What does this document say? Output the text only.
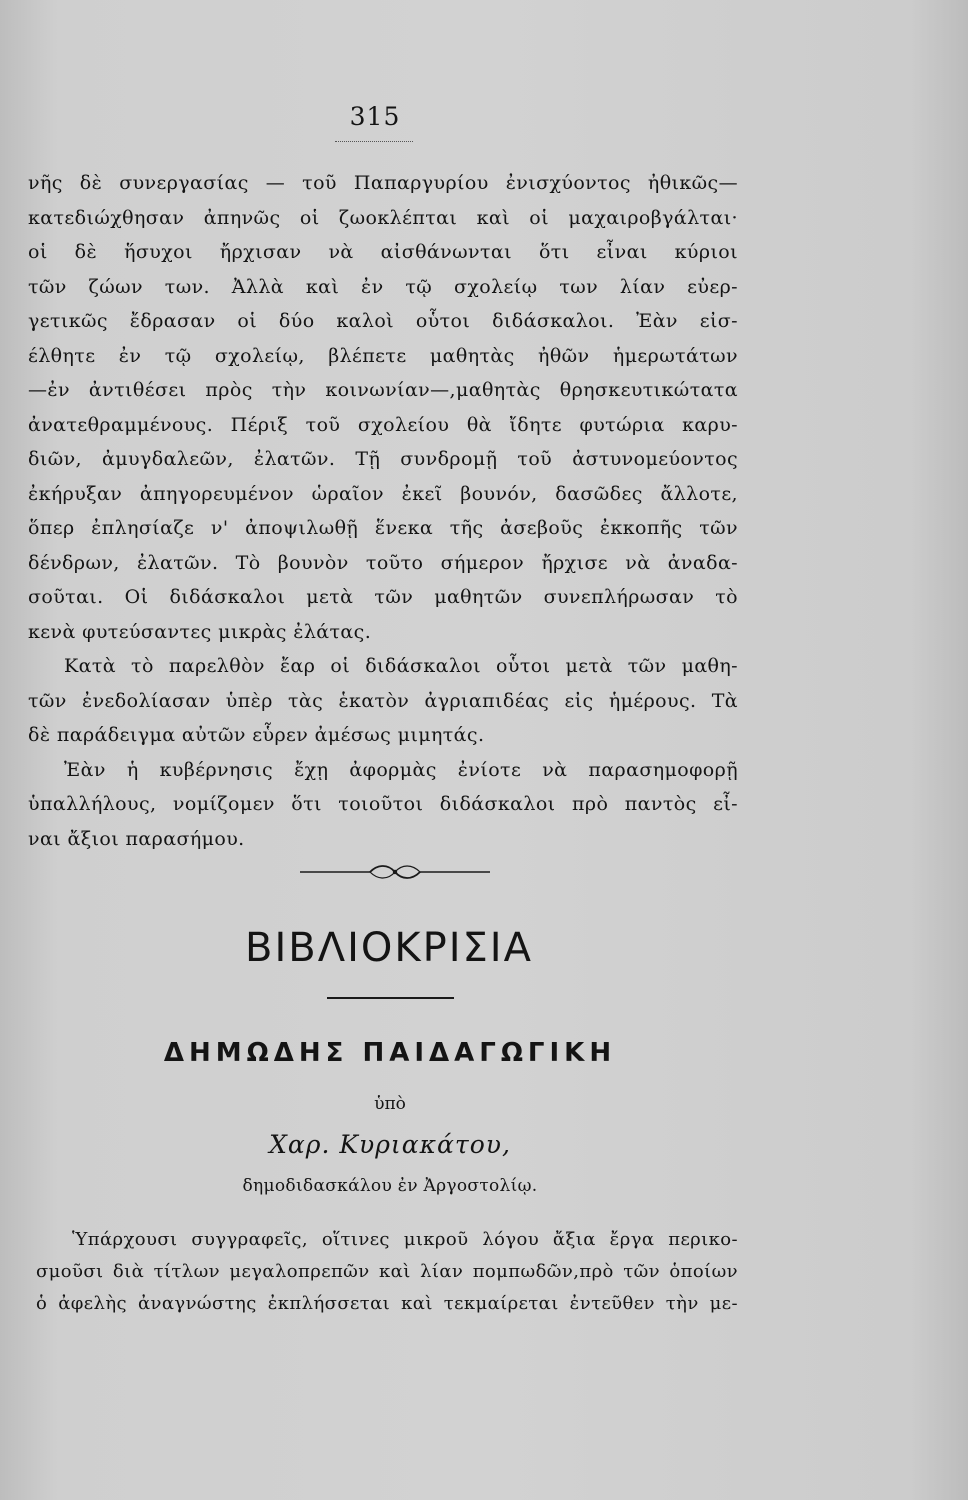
315
νῆς δὲ συνεργασίας — τοῦ Παπαργυρίου ἐνισχύοντος ἠθικῶς—
κατεδιώχθησαν ἀπηνῶς οἱ ζωοκλέπται καὶ οἱ μαχαιροβγάλται·
οἱ δὲ ἥσυχοι ἤρχισαν νὰ αἰσθάνωνται ὅτι εἶναι κύριοι
τῶν ζώων των. Ἀλλὰ καὶ ἐν τῷ σχολείῳ των λίαν εὐερ-
γετικῶς ἔδρασαν οἱ δύο καλοὶ οὗτοι διδάσκαλοι. Ἐὰν εἰσ-
έλθητε ἐν τῷ σχολείῳ, βλέπετε μαθητὰς ἠθῶν ἡμερωτάτων
—ἐν ἀντιθέσει πρὸς τὴν κοινωνίαν—,μαθητὰς θρησκευτικώτατα
ἀνατεθραμμένους. Πέριξ τοῦ σχολείου θὰ ἴδητε φυτώρια καρυ-
διῶν, ἀμυγδαλεῶν, ἐλατῶν. Τῇ συνδρομῇ τοῦ ἀστυνομεύοντος
ἐκήρυξαν ἀπηγορευμένον ὡραῖον ἐκεῖ βουνόν, δασῶδες ἄλλοτε,
ὅπερ ἐπλησίαζε ν' ἀποψιλωθῇ ἕνεκα τῆς ἀσεβοῦς ἐκκοπῆς τῶν
δένδρων, ἐλατῶν. Τὸ βουνὸν τοῦτο σήμερον ἤρχισε νὰ ἀναδα-
σοῦται. Οἱ διδάσκαλοι μετὰ τῶν μαθητῶν συνεπλήρωσαν τὸ
κενὰ φυτεύσαντες μικρὰς ἐλάτας.
Κατὰ τὸ παρελθὸν ἔαρ οἱ διδάσκαλοι οὗτοι μετὰ τῶν μαθη-
τῶν ἐνεδολίασαν ὑπὲρ τὰς ἑκατὸν ἀγριαπιδέας εἰς ἡμέρους. Τὰ
δὲ παράδειγμα αὐτῶν εὗρεν ἀμέσως μιμητάς.
Ἐὰν ἡ κυβέρνησις ἔχῃ ἀφορμὰς ἐνίοτε νὰ παρασημοφορῇ
ὑπαλλήλους, νομίζομεν ὅτι τοιοῦτοι διδάσκαλοι πρὸ παντὸς εἶ-
ναι ἄξιοι παρασήμου.
ΒΙΒΛΙΟΚΡΙΣΙΑ
ΔΗΜΩΔΗΣ ΠΑΙΔΑΓΩΓΙΚΗ
ὑπὸ
Χαρ. Κυριακάτου,
δημοδιδασκάλου ἐν Ἀργοστολίῳ.
Ὑπάρχουσι συγγραφεῖς, οἵτινες μικροῦ λόγου ἄξια ἔργα περικο-
σμοῦσι διὰ τίτλων μεγαλοπρεπῶν καὶ λίαν πομπωδῶν,πρὸ τῶν ὁποίων
ὁ ἀφελὴς ἀναγνώστης ἐκπλήσσεται καὶ τεκμαίρεται ἐντεῦθεν τὴν με-
